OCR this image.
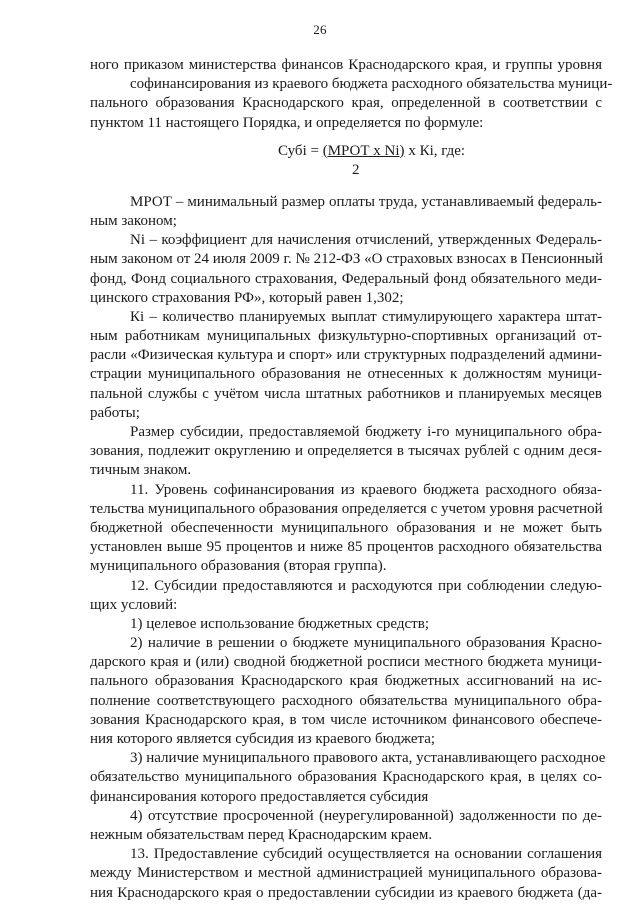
26
ного приказом министерства финансов Краснодарского края, и группы уровня
софинансирования из краевого бюджета расходного обязательства муници-
пального образования Краснодарского края, определенной в соответствии с
пунктом 11 настоящего Порядка, и определяется по формуле:
Субi = (МРОТ х Ni) х Кi, где:
2
МРОТ – минимальный размер оплаты труда, устанавливаемый федераль-
ным законом;
Ni – коэффициент для начисления отчислений, утвержденных Федераль-
ным законом от 24 июля 2009 г. № 212-ФЗ «О страховых взносах в Пенсионный
фонд, Фонд социального страхования, Федеральный фонд обязательного меди-
цинского страхования РФ», который равен 1,302;
Кi – количество планируемых выплат стимулирующего характера штат-
ным работникам муниципальных физкультурно-спортивных организаций от-
расли «Физическая культура и спорт» или структурных подразделений админи-
страции муниципального образования не отнесенных к должностям муници-
пальной службы с учётом числа штатных работников и планируемых месяцев
работы;
Размер субсидии, предоставляемой бюджету i-го муниципального обра-
зования, подлежит округлению и определяется в тысячах рублей с одним деся-
тичным знаком.
11. Уровень софинансирования из краевого бюджета расходного обяза-
тельства муниципального образования определяется с учетом уровня расчетной
бюджетной обеспеченности муниципального образования и не может быть
установлен выше 95 процентов и ниже 85 процентов расходного обязательства
муниципального образования (вторая группа).
12. Субсидии предоставляются и расходуются при соблюдении следую-
щих условий:
1) целевое использование бюджетных средств;
2) наличие в решении о бюджете муниципального образования Красно-
дарского края и (или) сводной бюджетной росписи местного бюджета муници-
пального образования Краснодарского края бюджетных ассигнований на ис-
полнение соответствующего расходного обязательства муниципального обра-
зования Краснодарского края, в том числе источником финансового обеспече-
ния которого является субсидия из краевого бюджета;
3) наличие муниципального правового акта, устанавливающего расходное
обязательство муниципального образования Краснодарского края, в целях со-
финансирования которого предоставляется субсидия
4) отсутствие просроченной (неурегулированной) задолженности по де-
нежным обязательствам перед Краснодарским краем.
13. Предоставление субсидий осуществляется на основании соглашения
между Министерством и местной администрацией муниципального образова-
ния Краснодарского края о предоставлении субсидии из краевого бюджета (да-
